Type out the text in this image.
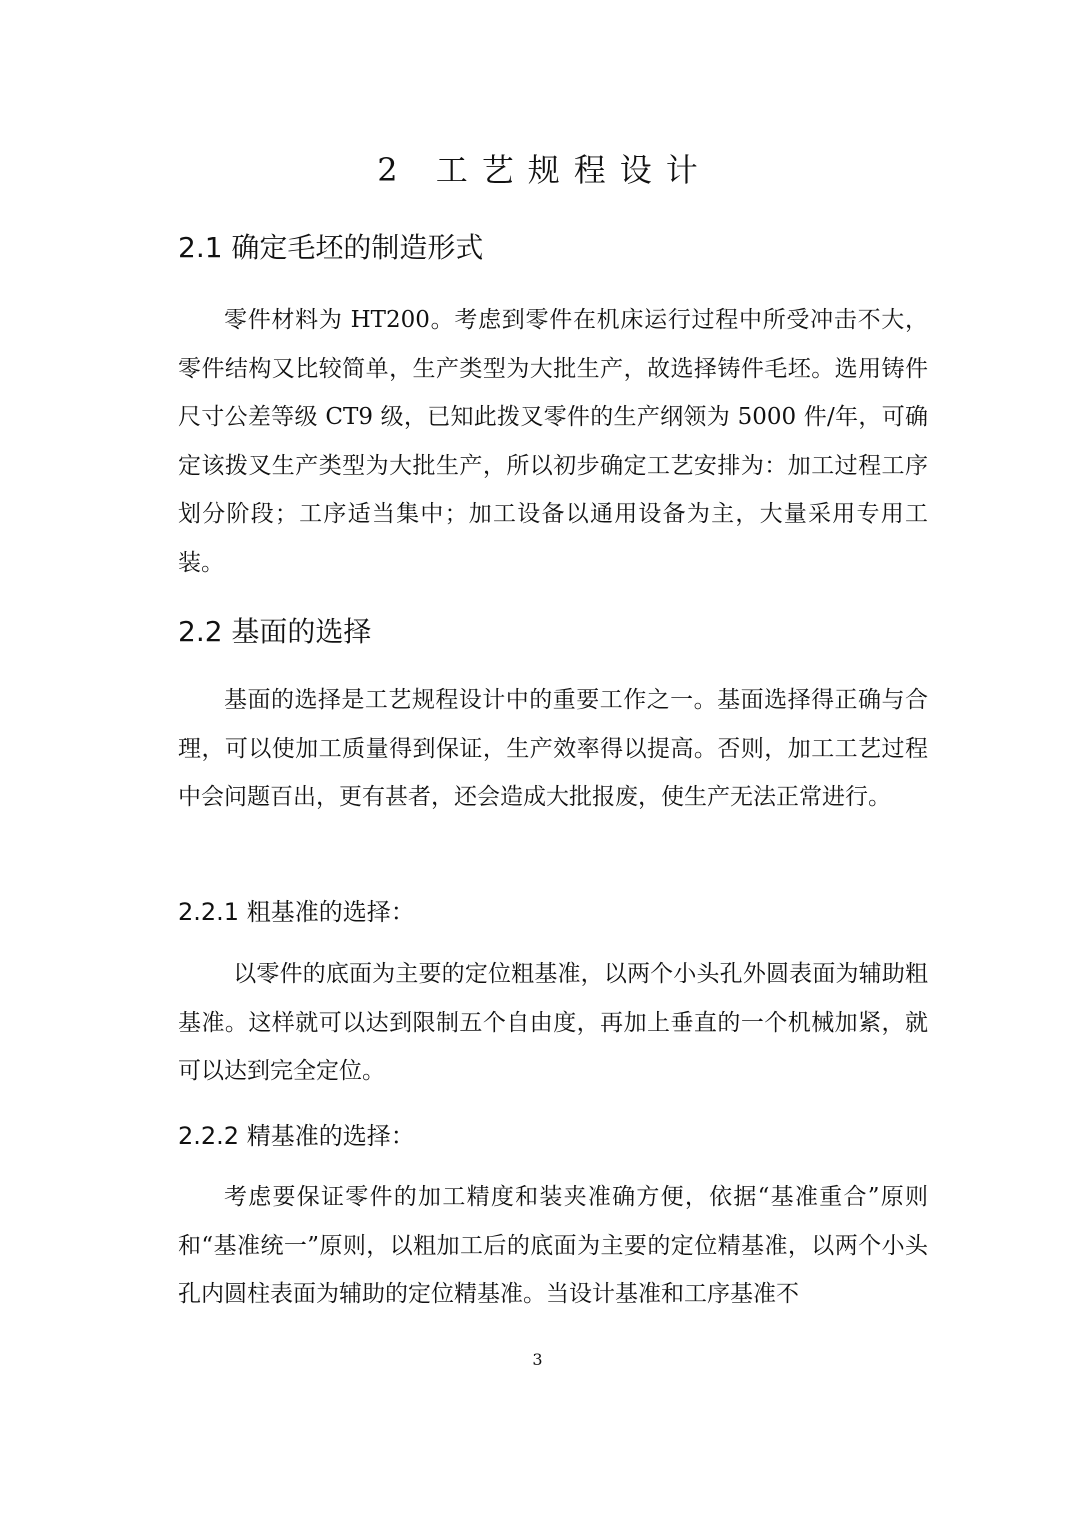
2 工艺规程设计
2.1 确定毛坯的制造形式

零件材料为 HT200。考虑到零件在机床运行过程中所受冲击不大，零件结构又比较简单，生产类型为大批生产，故选择铸件毛坯。选用铸件尺寸公差等级 CT9 级，已知此拨叉零件的生产纲领为 5000 件/年，可确定该拨叉生产类型为大批生产，所以初步确定工艺安排为：加工过程工序划分阶段；工序适当集中；加工设备以通用设备为主，大量采用专用工装。

2.2 基面的选择

基面的选择是工艺规程设计中的重要工作之一。基面选择得正确与合理，可以使加工质量得到保证，生产效率得以提高。否则，加工工艺过程中会问题百出，更有甚者，还会造成大批报废，使生产无法正常进行。

2.2.1 粗基准的选择：

以零件的底面为主要的定位粗基准，以两个小头孔外圆表面为辅助粗基准。这样就可以达到限制五个自由度，再加上垂直的一个机械加紧，就可以达到完全定位。

2.2.2 精基准的选择：

考虑要保证零件的加工精度和装夹准确方便，依据“基准重合”原则和“基准统一”原则，以粗加工后的底面为主要的定位精基准，以两个小头孔内圆柱表面为辅助的定位精基准。当设计基准和工序基准不

3
